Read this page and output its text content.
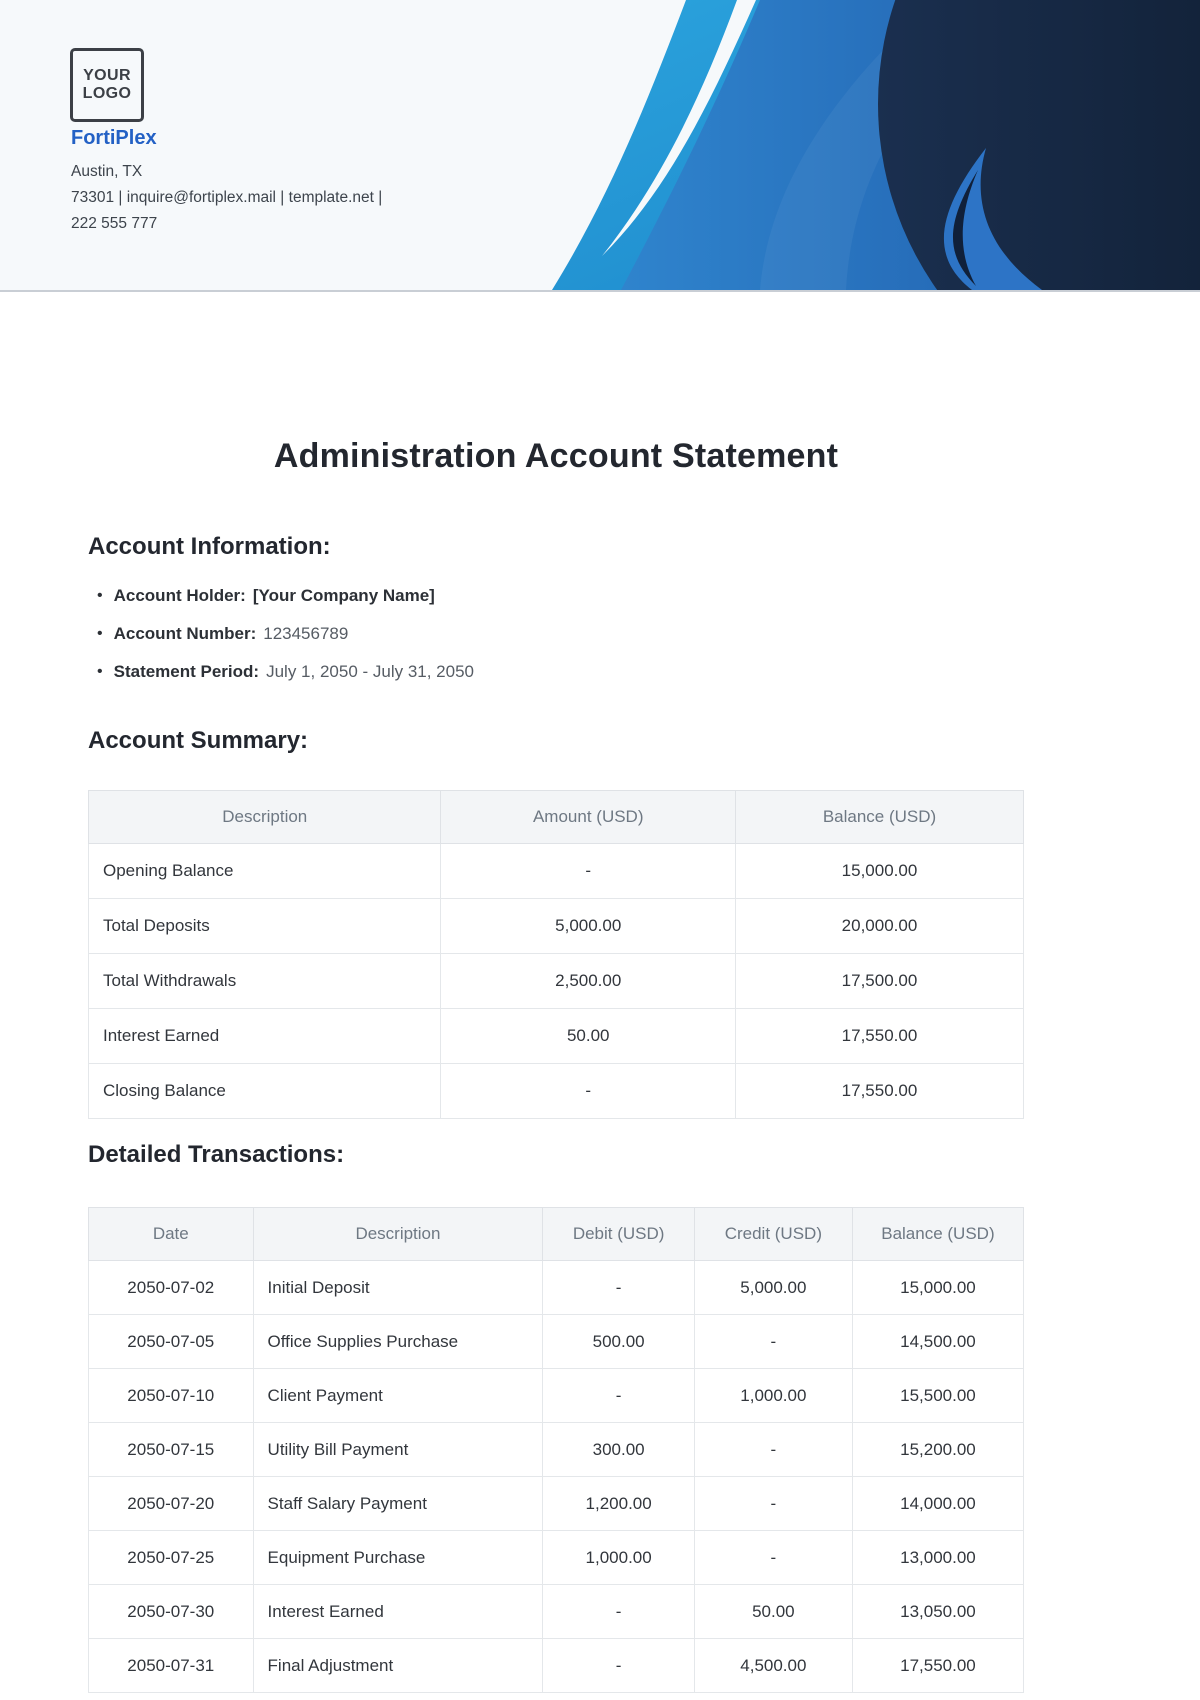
YOUR
LOGO
FortiPlex
Austin, TX
73301 | inquire@fortiplex.mail | template.net |
222 555 777
Administration Account Statement
Account Information:
• Account Holder: [Your Company Name]
• Account Number: 123456789
• Statement Period: July 1, 2050 - July 31, 2050
Account Summary:
Description	Amount (USD)	Balance (USD)
Opening Balance	-	15,000.00
Total Deposits	5,000.00	20,000.00
Total Withdrawals	2,500.00	17,500.00
Interest Earned	50.00	17,550.00
Closing Balance	-	17,550.00
Detailed Transactions:
Date	Description	Debit (USD)	Credit (USD)	Balance (USD)
2050-07-02	Initial Deposit	-	5,000.00	15,000.00
2050-07-05	Office Supplies Purchase	500.00	-	14,500.00
2050-07-10	Client Payment	-	1,000.00	15,500.00
2050-07-15	Utility Bill Payment	300.00	-	15,200.00
2050-07-20	Staff Salary Payment	1,200.00	-	14,000.00
2050-07-25	Equipment Purchase	1,000.00	-	13,000.00
2050-07-30	Interest Earned	-	50.00	13,050.00
2050-07-31	Final Adjustment	-	4,500.00	17,550.00
